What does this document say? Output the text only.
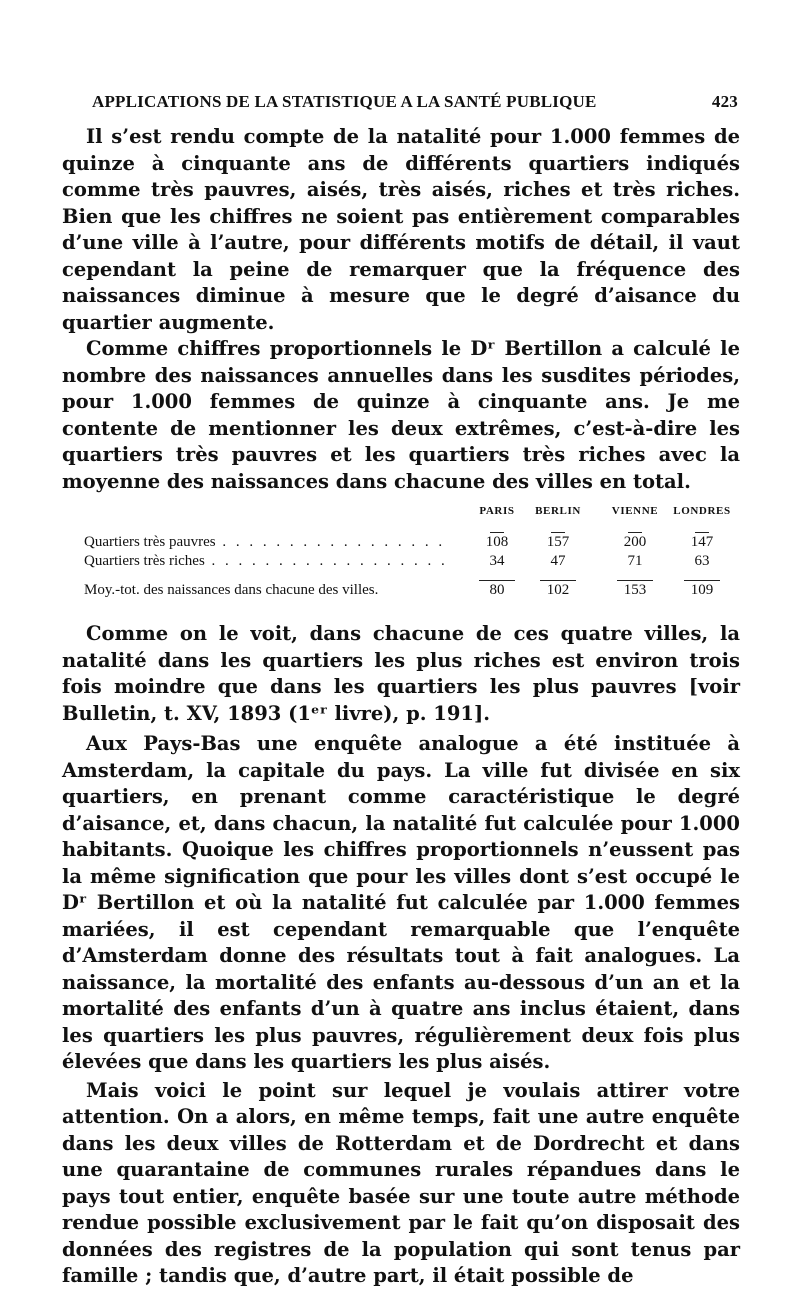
APPLICATIONS DE LA STATISTIQUE A LA SANTÉ PUBLIQUE	423

Il s’est rendu compte de la natalité pour 1.000 femmes de quinze à cinquante ans de différents quartiers indiqués comme très pauvres, aisés, très aisés, riches et très riches. Bien que les chiffres ne soient pas entièrement comparables d’une ville à l’autre, pour différents motifs de détail, il vaut cependant la peine de remarquer que la fréquence des naissances diminue à mesure que le degré d’aisance du quartier augmente.

Comme chiffres proportionnels le Dʳ Bertillon a calculé le nombre des naissances annuelles dans les susdites périodes, pour 1.000 femmes de quinze à cinquante ans. Je me contente de mentionner les deux extrêmes, c’est-à-dire les quartiers très pauvres et les quartiers très riches avec la moyenne des naissances dans chacune des villes en total.

PARIS	BERLIN	VIENNE	LONDRES
Quartiers très pauvres . . . . . . . . . . . . . . . . .	108	157	200	147
Quartiers très riches . . . . . . . . . . . . . . . . . .	34	47	71	63
Moy.-tot. des naissances dans chacune des villes.	80	102	153	109

Comme on le voit, dans chacune de ces quatre villes, la natalité dans les quartiers les plus riches est environ trois fois moindre que dans les quartiers les plus pauvres [voir Bulletin, t. XV, 1893 (1ᵉʳ livre), p. 191].

Aux Pays-Bas une enquête analogue a été instituée à Amsterdam, la capitale du pays. La ville fut divisée en six quartiers, en prenant comme caractéristique le degré d’aisance, et, dans chacun, la natalité fut calculée pour 1.000 habitants. Quoique les chiffres proportionnels n’eussent pas la même signification que pour les villes dont s’est occupé le Dʳ Bertillon et où la natalité fut calculée par 1.000 femmes mariées, il est cependant remarquable que l’enquête d’Amsterdam donne des résultats tout à fait analogues. La naissance, la mortalité des enfants au-dessous d’un an et la mortalité des enfants d’un à quatre ans inclus étaient, dans les quartiers les plus pauvres, régulièrement deux fois plus élevées que dans les quartiers les plus aisés.

Mais voici le point sur lequel je voulais attirer votre attention. On a alors, en même temps, fait une autre enquête dans les deux villes de Rotterdam et de Dordrecht et dans une quarantaine de communes rurales répandues dans le pays tout entier, enquête basée sur une toute autre méthode rendue possible exclusivement par le fait qu’on disposait des données des registres de la population qui sont tenus par famille ; tandis que, d’autre part, il était possible de
